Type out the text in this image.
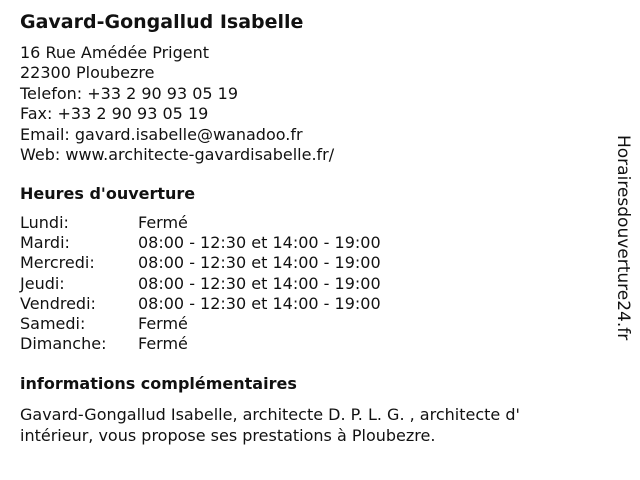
Gavard-Gongallud Isabelle
16 Rue Amédée Prigent
22300 Ploubezre
Telefon: +33 2 90 93 05 19
Fax: +33 2 90 93 05 19
Email: gavard.isabelle@wanadoo.fr
Web: www.architecte-gavardisabelle.fr/
Heures d'ouverture
Lundi:	Fermé
Mardi:	08:00 - 12:30 et 14:00 - 19:00
Mercredi:	08:00 - 12:30 et 14:00 - 19:00
Jeudi:	08:00 - 12:30 et 14:00 - 19:00
Vendredi:	08:00 - 12:30 et 14:00 - 19:00
Samedi:	Fermé
Dimanche:	Fermé
informations complémentaires
Gavard-Gongallud Isabelle, architecte D. P. L. G. , architecte d' intérieur, vous propose ses prestations à Ploubezre.
Horairesdouverture24.fr
